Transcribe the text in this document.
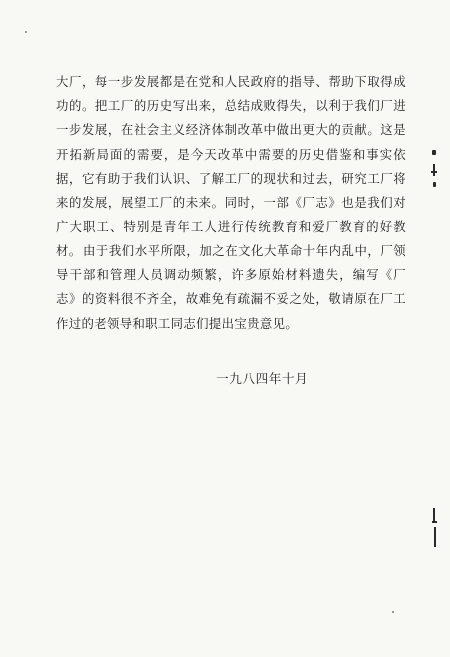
大厂，每一步发展都是在党和人民政府的指导、帮助下取得成功的。把工厂的历史写出来，总结成败得失，以利于我们厂进一步发展，在社会主义经济体制改革中做出更大的贡献。这是开拓新局面的需要，是今天改革中需要的历史借鉴和事实依据，它有助于我们认识、了解工厂的现状和过去，研究工厂将来的发展，展望工厂的未来。同时，一部《厂志》也是我们对广大职工、特别是青年工人进行传统教育和爱厂教育的好教材。 由于我们水平所限，加之在文化大革命十年内乱中，厂领导干部和管理人员调动频繁，许多原始材料遗失，编写《厂志》的资料很不齐全，故难免有疏漏不妥之处，敬请原在厂工作过的老领导和职工同志们提出宝贵意见。

一九八四年十月
